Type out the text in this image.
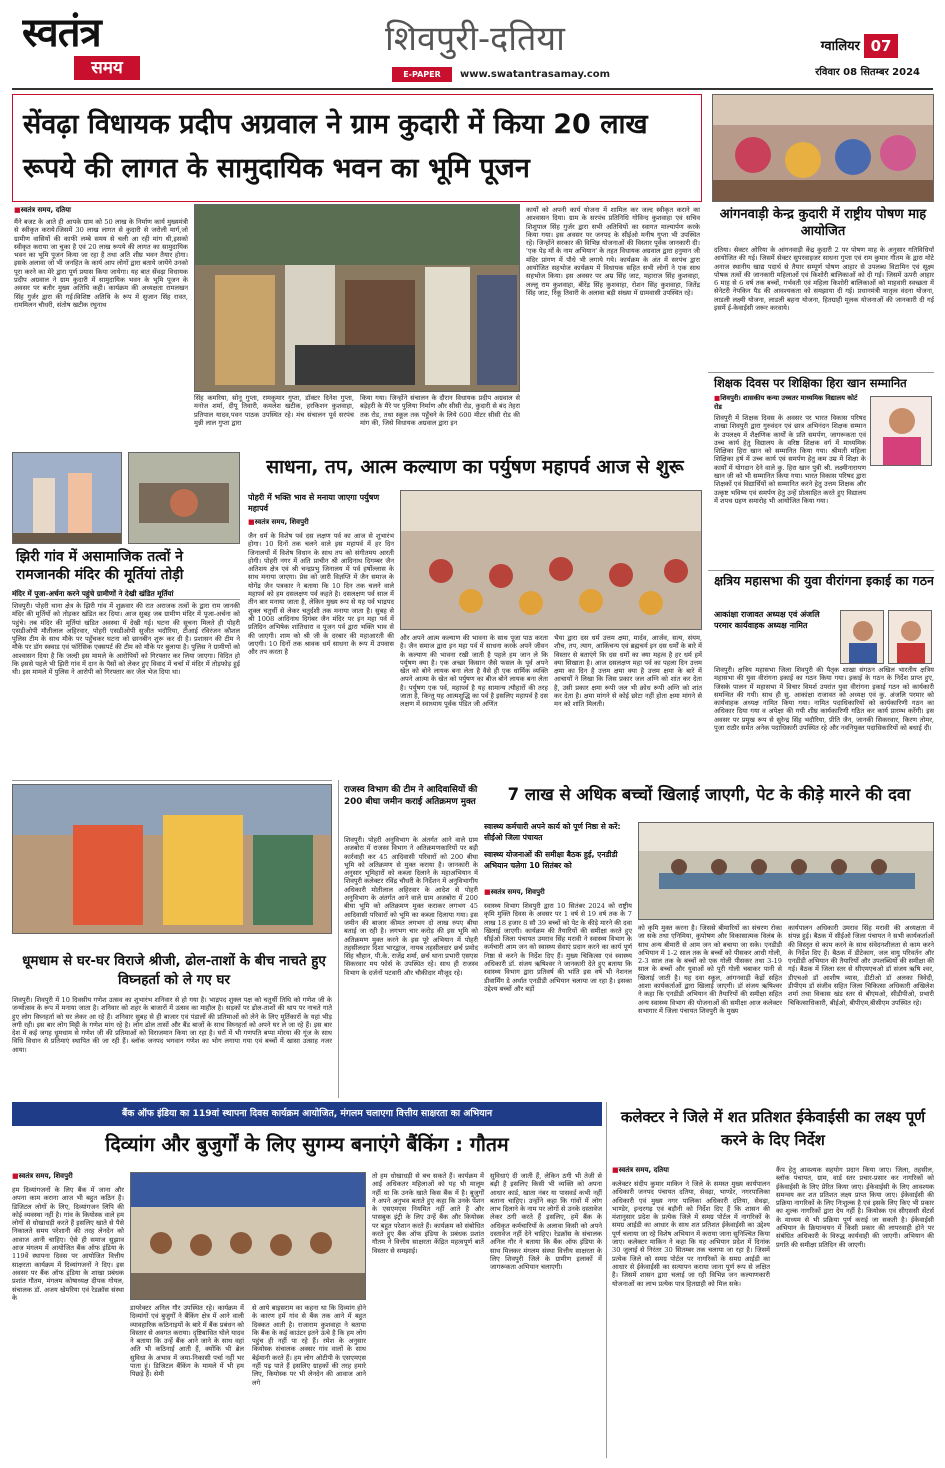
स्वतंत्र
समय
शिवपुरी-दतिया
E-PAPER	www.swatantrasamay.com
ग्वालियर 07
रविवार 08 सितम्बर 2024
सेंवढ़ा विधायक प्रदीप अग्रवाल ने ग्राम कुदारी में किया 20 लाख रूपये की लागत के सामुदायिक भवन का भूमि पूजन
■ स्वतंत्र समय, दतिया
मैंने बजट के आते ही आपके ग्राम को 50 लाख के निर्माण कार्य मुख्यमंत्री से स्वीकृत कराये।जिसमें 30 लाख लागत से कुदारी से जरोली मार्ग,जो ग्रामीण वासियों की काफी लम्बे समय से चली आ रही मांग थी,इसको स्वीकृत कराया जा चुका है एवं 20 लाख रूपये की लागत का सामुदायिक भवन का भूमि पूजन किया जा रहा है तथा अति शीघ्र भवन तैयार होगा। इसके अलावा जो भी जनहित के कार्य आप लोगों द्वारा बताये जायेंगे उनको पूरा करने का मेरे द्वारा पूर्ण प्रयास किया जायेगा। यह बात सेंवढ़ा विधायक प्रदीप अग्रवाल ने ग्राम कुदारी में सामुदायिक भवन के भूमि पूजन के अवसर पर बतौर मुख्य अतिथि कही। कार्यक्रम की अध्यक्षता रामलखन सिंह गुर्जर द्वारा की गई।विशिष्ट अतिथि के रूप में सुजान सिंह रावत, राममिलन चौधरी, संतोष खटीक रघुनाथ
सिंह कमरिया, सोनू गुप्ता, रामकुमार गुप्ता, डॉक्टर दिनेश गुप्ता, मनोज शर्मा, दीपू तिवारी, कमलेश खटीक, हरकिशन कुशवाहा, प्रतिपाल यादव,पवन पाठक उपस्थित रहे। मंच संचालन पूर्व सरपंच मुन्नी लाल गुप्ता द्वारा
किया गया। जिन्होंने संचालन के दौरान विधायक प्रदीप अग्रवाल से बड़ेहरी के मैरे पर पुलिया निर्माण और सीसी रोड, कुदारी से बंद तेहरा तक रोड, तथा स्कूल तक पहुँचने के लिये 600 मीटर सीसी रोड की मांग की, जिसे विधायक अग्रवाल द्वारा इन
कार्यों को अपनी कार्य योजना में शामिल कर जल्द स्वीकृत कराने का आश्वासन दिया। ग्राम के सरपंच प्रतिनिधि गोविन्द कुशवाहा एवं सचिव शिशुपाल सिंह गुर्जर द्वारा सभी अतिथियों का स्वागत माल्यार्पण करके किया गया। इस अवसर पर जनपद के सीईओ मनीष गुप्ता भी उपस्थित रहे। जिन्होंने सरकार की विभिन्न योजनाओं की विस्तार पूर्वक जानकारी दी। 'एक पेड़ माँ के नाम अभियान' के तहत विधायक अग्रवाल द्वारा हनुमान जी मंदिर प्रांगण में पौधे भी लगाये गये। कार्यक्रम के अंत में सरपंच द्वारा आयोजित सहभोज कार्यक्रम में विधायक सहित सभी लोगों ने एक साथ सहभोज किया। इस अवसर पर अम्र सिंह जाट, महाराज सिंह कुशवाहा, लल्लू राम कुशवाहा, बीरेंद्र सिंह कुशवाहा, रोशन सिंह कुशवाहा, जितेंद्र सिंह जाट, रिंकू तिवारी के अलावा बड़ी संख्या में ग्रामवासी उपस्थित रहे।
आंगनवाड़ी केन्द्र कुदारी में राष्ट्रीय पोषण माह आयोजित
दतिया। सेक्टर ओरिया के आंगनवाड़ी केंद्र कुदारी 2 पर पोषण माह के अनुसार गतिविधियाँ आयोजित की गई। जिसमें सेक्टर सुपरवाइजर साधना गुप्ता एवं राम कुमार गौतम के द्वारा मोटे अनाज स्थानीय खाद्य पदार्थ से तैयार सम्पूर्ण पोषण आहार से उपलब्ध विटामिन एवं सूक्ष्म पोषक तत्वों की जानकारी महिलाओं एवं किशोरी बालिकाओं को दी गई। जिसमें ऊपरी आहार 6 माह से 6 वर्ष तक बच्चों, गर्भवती एवं महिला किशोरी बालिकाओं को माहवारी स्वच्छता में सेनेटरी नेपकिन पैड की आवश्यकता को समझाया दी गई। प्रधानमंत्री मातृत्व वंदना योजना, लाडली लक्ष्मी योजना, लाडली बहना योजना, हितग्राही मूलक योजनाओं की जानकारी दी गई इसमें ई-केवाईसी जरूर करवाये।
शिक्षक दिवस पर शिक्षिका हिरा खान सम्मानित
■ शिवपुरी। शासकीय कन्या उच्चतर माध्यमिक विद्यालय कोर्ट रोड
शिवपुरी में शिक्षक दिवस के अवसर पर भारत विकास परिषद शाखा शिवपुरी द्वारा गुरुवंदन एवं छात्र अभिनंदन शिक्षक सम्मान के उपलक्ष्य में शैक्षणिक कार्यों के प्रति समर्पण, जागरूकता एवं उच्च कार्य हेतु विद्यालय के वरिष्ठ शिक्षक वर्ग में माध्यमिक शिक्षिका हिरा खान को सम्मानित किया गया। श्रीमती महिला शिक्षिका हर्ष में उच्च कार्य एवं समर्पण हेतु कम उम्र में शिक्षा के कार्यों में योगदान देने वाले कु. हिरा खान पुत्री श्री. लक्ष्मीनारायण खान जी को भी सम्मानित किया गया। भारत विकास परिषद द्वारा शिक्षकों एवं विद्यार्थियों को सम्मानित करने हेतु उत्तम शिक्षक और उत्कृष्ट भविष्य एवं समर्पण हेतु उन्हें प्रोत्साहित करते हुए विद्यालय में शपथ ग्रहण समारोह भी आयोजित किया गया।
झिरी गांव में असामाजिक तत्वों ने रामजानकी मंदिर की मूर्तियां तोड़ी
मंदिर में पूजा-अर्चना करने पहुंचे ग्रामीणों ने देखी खंडित मूर्तियां
शिवपुरी। पोहरी थाना क्षेत्र के झिरी गांव में शुक्रवार की रात अराजक तत्वों के द्वारा राम जानकी मंदिर की मूर्तियों को तोड़कर खंडित कर दिया। आज सुबह जब ग्रामीण मंदिर में पूजा-अर्चना को पहुंचे। तब मंदिर की मूर्तियां खंडित अवस्था में देखी गई। घटना की सूचना मिलते ही पोहरी एसडीओपी मौतीलाल अहिरवार, पोहरी एसडीओपी सुजीत भदौरिया, टीआई रविरंजन कौशल पुलिस टीम के साथ मौके पर पहुँचकर घटना को छानबीन शुरू कर दी है। प्रशासन की टीम ने मौके पर डॉग स्क्वाड एवं फॉरेंसिक एक्सपर्ट की टीम को मौके पर बुलाया है। पुलिस ने ग्रामीणों को आश्वासन दिया है कि जल्दी इस मामले के आरोपियों को गिरफ्तार कर लिया जाएगा। विदित हो कि इससे पहले भी झिरी गांव में दान के पैसों को लेकर हुए विवाद में चर्चा में मंदिर में तोड़फोड़ हुई थी। इस मामले में पुलिस ने आरोपी को गिरफ्तार कर जेल भेज दिया था।
साधना, तप, आत्म कल्याण का पर्युषण महापर्व आज से शुरू
पोहरी में भक्ति भाव से मनाया जाएगा पर्युषण महापर्व
■ स्वतंत्र समय, शिवपुरी
जैन धर्म के विशेष पर्व दस लक्षण पर्व का आज से शुभारंभ होगा। 10 दिनों तक चलने वाले इस महापर्व में हर दिन जिनालयों में विशेष विधान के साथ तप को संगीतमय आरती होगी। पोहरी नगर में अति प्राचीन श्री आदिनाथ दिगम्बर जैन अतिशय क्षेत्र एवं श्री चन्द्रप्रभु जिनालय में पर्व हर्षोल्लास के साथ मनाया जाएगा। प्रेस को जारी विज्ञप्ति में जैन समाज के योगेंद्र जैन पत्रकार ने बताया कि 10 दिन तक चलने वाले महापर्व को हम दसलक्षण पर्व कहते है। दसलक्षण पर्व साल में तीन बार मनाया जाता है, लेकिन मुख्य रूप से यह पर्व भाद्रपद शुक्ल चतुर्थी से लेकर चतुर्दशी तक मनाया जाता है। सुबह से श्री 1008 आदिनाथ दिगंबर जैन मंदिर पर इन महा पर्व में प्रतिदिन अभिषेक शांतिधारा व पूजन पर्व द्वारा भक्ति भाव से की जाएगी। शाम को श्री जी के दरबार की महाआरती की जाएगी। 10 दिनों तक श्रावक धर्म साधना के रूप में उपवास और तप करता है
और अपने आत्म कल्याण की भावना के साथ पूजा पाठ करता है। जैन समाज द्वारा इन महा पर्व में साधना करके अपने जीवन के कल्याण की भावना रखी जाती है पहले हम जान ले कि पर्युषण क्या है। एक अच्छा किसान जैसे फसल के पूर्व अपने खेत को बोने लायक बना लेता है वैसे ही एक धार्मिक व्यक्ति अपने आत्मा के खेत को पर्युषण का बीज बोने लायक बना लेता है। पर्युषण एक पर्व, महापर्व है यह सामान्य त्यौहारों की तरह जाता है, किन्तु यह आत्मशुद्धि का पर्व है इसलिए महापर्व है दस लक्षण में स्वाध्याय पूर्वक पंडित जी अणिंत
भैया द्वारा दस धर्म उत्तम क्षमा, मार्दव, आर्जव, सत्य, संयम, शौच, तप, त्याग, आकिंचन्य एवं ब्रह्मचर्य इन दस धर्मों के बारे में विस्तार से बताएंगे कि दस धर्मों का क्या महत्व है हर धर्म हमें क्या सिखाता है। आज दसलक्षण महा पर्व का पहला दिन उत्तम क्षमा का दिन है उत्तम क्षमा क्या है उत्तम क्षमा के बारे में आचार्यों ने लिखा कि जिस प्रकार जल अग्नि को शांत कर देता है, उसी प्रकार क्षमा रूपी जल भी क्रोध रूपी अग्नि को शांत कर देता है। क्षमा मांगने से कोई छोटा नहीं होता क्षमा मांगने से मन को शांति मिलती।
क्षत्रिय महासभा की युवा वीरांगना इकाई का गठन
आकांक्षा राजावत अध्यक्ष एवं अंजलि परमार कार्यवाहक अध्यक्ष नामित
शिवपुरी। क्षत्रिय महासभा जिला शिवपुरी की पैतृक शाखा संगठन अखिल भारतीय क्षत्रिय महासभा की युवा वीरांगना इकाई का गठन किया गया। इकाई के गठन के निर्देश प्राप्त हुए, जिसके पालन में महासभा में विचार विमर्श उपरांत युवा वीरांगना इकाई गठन को कार्यकारी समन्वित की गयी। साथ ही सु. आकांक्षा राजावत को अध्यक्ष एवं कु. अंजलि परमार को कार्यवाहक अध्यक्ष नामित किया गया। नामित पदाधिकारियों को कार्यकारिणी गठन का अधिकार दिया गया व अपेक्षा की गयी शीघ्र कार्यकारिणी गठित कर कार्य प्रारम्भ करेंगी। इस अवसर पर प्रमुख रूप से सुरेन्द्र सिंह भदौरिया, प्रीति जैन, जानकी सिकरवार, किरण तोमर, पूजा राठौर समेत अनेक पदाधिकारी उपस्थित रहे और नवनियुक्त पदाधिकारियों को बधाई दी।
धूमधाम से घर-घर विराजे श्रीजी, ढोल-ताशों के बीच नाचते हुए विघ्नहर्ता को ले गए घर
शिवपुरी। शिवपुरी में 10 दिवसीय गणेश उत्सव का शुभारंभ शनिवार से हो गया है। भाद्रपद शुक्ल पक्ष को चतुर्थी तिथि को गणेश जी के जन्मोत्सव के रूप में मनाया जाता है। शनिवार को शहर के बाजारों में उत्सव का माहौल है। सड़कों पर ढोल-ताशों की थाप पर नाचते गाते हुए लोग विघ्नहर्ता को घर लेकर आ रहे हैं। शनिवार सुबह से ही बाजार एवं पंडालों की प्रतिमाओं को लेने के लिए मूर्तिकारों के यहां भीड़ लगी रही। इस बार लोग मिट्टी के गणेश मांग रहे है। लोग ढोल तासों और बैंड बाजों के साथ विघ्नहर्ता को अपने घर ले जा रहे हैं। इस बार देश में कई जगह धूमधाम से गणेश जी की प्रतिमाओं को विराजमान किया जा रहा है। घरों में भी गणपति बप्पा मोरया की गूंज के साथ विधि विधान से प्रतिमाएं स्थापित की जा रही हैं। ब्लॉक जनपद भगवान गणेश का भोग लगाया गया एवं बच्चों में खासा उत्साह नजर आया।
राजस्व विभाग की टीम ने आदिवासियों की 200 बीघा जमीन कराई अतिक्रमण मुक्त
शिवपुरी। पोहरी अनुविभाग के अंतर्गत आने वाले ग्राम अजबोरा में राजस्व विभाग ने अतिक्रमणकारियों पर बड़ी कार्रवाही कर 45 आदिवासी परिवारों को 200 बीघा भूमि को अतिक्रमण से मुक्त कराया है। जानकारी के अनुसार भूमिहारों को कब्जा दिलाने के महाअभियान में शिवपुरी कलेक्टर रविंद्र चौधरी के निर्देशन में अनुविभागीय अधिकारी मोतीलाल अहिरवार के आदेश से पोहरी अनुविभाग के अंतर्गत आने वाले ग्राम अजबोरा में 200 बीघा भूमि को अतिक्रमण मुक्त कराकर लगभग 45 आदिवासी परिवारों को भूमि का कब्जा दिलाया गया। इस जमीन की बाजार कीमत लगभग दो लाख रुपए बीघा बताई जा रही है। लगभग चार करोड़ की इस भूमि को अतिक्रमण मुक्त करने के इस पूरे अभियान में पोहरी तहसीलदार दिशा भारद्वाज, नायब तहसीलदार छर्च प्रमोद सिंह चौहान, पी.के. राजेंद्र शर्मा, छर्च थाना प्रभारी एसएस सिकरवार मय फोर्स के उपस्थित रहे। साथ ही राजस्व विभाग के दर्जनों पटवारी और चौकीदार मौजूद रहे।
7 लाख से अधिक बच्चों खिलाई जाएगी, पेट के कीड़े मारने की दवा
स्वास्थ्य कर्मचारी अपने कार्य को पूर्ण निष्ठा से करें: सीईओ जिला पंचायत
स्वास्थ्य योजनाओं की समीक्षा बैठक हुई, एनडीडी अभियान चलेगा 10 सितंबर को
■ स्वतंत्र समय, शिवपुरी
स्वास्थ्य विभाग शिवपुरी द्वारा 10 सितंबर 2024 को राष्ट्रीय कृमि मुक्ति दिवस के अवसर पर 1 वर्ष से 19 वर्ष तक के 7 लाख 18 हजार 8 सौ 39 बच्चों को पेट के कीड़े मारने की दवा खिलाई जाएगी। कार्यक्रम की तैयारियों की समीक्षा करते हुए सीईओ जिला पंचायत उमराव सिंह मरावी ने स्वास्थ्य विभाग के कर्मचारी आम जन को स्वास्थ्य सेवाएं प्रदान करने का कार्य पूर्ण निष्ठा से करने के निर्देश दिए हैं। मुख्य चिकित्सा एवं स्वास्थ्य अधिकारी डॉ. संजय ऋषिश्वर ने जानकारी देते हुए बताया कि स्वास्थ्य विभाग द्वारा प्रतिवर्ष की भांति इस वर्ष भी नेशनल डीवार्मिंग डे अर्थात एनडीडी अभियान चलाया जा रहा है। इसका उद्देश्य बच्चों और बड़ों
को कृमि मुक्त करना है। जिससे बीमारियों का संचरण रोका जा सके तथा एनिमिया, कुपोषण और विकासात्मक विलंब के साथ अन्य बीमारी से आम जन को बचाया जा सके। एनडीडी अभियान में 1-2 साल तक के बच्चों को पीसकर आधी गोली, 2-3 साल तक के बच्चों को एक गोली पीसकर तथा 3-19 साल के बच्चों और युवाओं को पूरी गोली चबाकर पानी से खिलाई जाती है। यह दवा स्कूल, आंगनवाड़ी केंद्रों सहित आशा कार्यकर्ताओं द्वारा खिलाई जाएगी। डॉ संजय ऋषिश्वर ने कहा कि एनडीडी अभियान की तैयारियों की समीक्षा सहित अन्य स्वास्थ्य विभाग की योजनाओं की समीक्षा आज कलेक्टर सभागार में जिला पंचायत शिवपुरी के मुख्य
कार्यपालन अधिकारी उमराव सिंह मरावी की अध्यक्षता में संपन्न हुई। बैठक में सीईओ जिला पंचायत ने सभी कार्यकर्ताओं की विस्तृत से काम करने के साथ संवेदनशीलता से काम करने के निर्देश दिए हैं। बैठक में डीटेकाग, जल वायु परिवर्तन और एनडीडी अभियान की तैयारियों और उपलब्धियों की समीक्षा की गई। बैठक में जिला स्तर से सीएमएचओ डॉ संजय ऋषि श्वर, डीएचओ डॉ आशीष व्यास, डीटीओ डॉ अलका त्रिवेदी, डीपीएम डॉ संजीव सहित जिला चिकित्सा अधिकारी अखिलेश शर्मा तथा विकास खंड स्तर से बीएमओ, सीडीपीओ, प्रभारी चिकित्साधिकारी, बीईओ, बीपीएम,बीसीएम उपस्थित रहे।
बैंक ऑफ इंडिया का 119वां स्थापना दिवस कार्यक्रम आयोजित, मंगलम चलाएगा वित्तीय साक्षरता का अभियान
दिव्यांग और बुजुर्गों के लिए सुगम्य बनाएंगे बैंकिंग : गौतम
■ स्वतंत्र समय, शिवपुरी
हम दिव्यांगजनों के लिए बैंक में जाना और अपना काम कराना आज भी बहुत कठिन है। डिजिटल लोगों के लिए, दिव्यांगजन लिपि की कोई व्यवस्था नहीं है। गांव के कियोस्क वाले हम लोगों से धोखाधड़ी करते हैं इसलिए खाते से पैसे निकालते समय परेशानी की तरह लेनदेन को आवाज आनी चाहिए। ऐसे ही समाज सुझाव आज मंगलम में आयोजित बैंक ऑफ इंडिया के 119वें स्थापना दिवस पर आयोजित वित्तीय साक्षरता कार्यक्रम में दिव्यांगजनों ने दिए। इस अवसर पर बैंक ऑफ इंडिया के शाखा प्रबंधक प्रशांत गौतम, मंगलम कोषाध्यक्ष दीपक गोयल, संचालक डॉ. अजय खेमरिया एवं रेडक्रॉस संस्था के
डायरेक्टर अनिल गौर उपस्थित रहे। कार्यक्रम में दिव्यांगों एवं बुजुर्गों ने बैंकिंग क्षेत्र में आने वाली व्यावहारिक कठिनाइयों के बारे में बैंक प्रबंधन को विस्तार से अवगत कराया। दृष्टिबाधित घोले यादव ने बताया कि उन्हें बैंक आने जाने के साथ वहां अति भी कठिनाई आती हैं, क्योंकि भी ब्रेल सुविधा के अभाव में जमा-निकासी पर्चा नहीं भर पाता हूं। डिजिटल बैंकिंग के मामले में भी हम पिछड़े हैं। सेमी
से आये बाइसराम का कहना था कि दिव्यांग होने के कारण हमें गांव से बैंक तक आने में बहुत दिक्कत आती है। राजाराम कुशवाहा ने बताया कि बैंक के कई काउंटर इतने ऊंचे है कि हम लोग पहुंच ही नहीं पा रहे हैं। रमेश के अनुसार कियोस्क संचालक अक्सर गांव वालों के साथ बेईमानी करते हैं। हम लोग ओटीपी के एसएमएस नहीं पढ़ पाते हैं इसलिए ग्राहकों की तरह हमारे लिए, कियोस्क पर भी लेनदेन की आवाज आने लगे
तो हम धोखाधड़ी से बच सकते हैं। कार्यक्रम में आईं अधिकतर महिलाओं को यह भी मालूम नहीं था कि उनके खाते किस बैंक में है। बुजुर्गों ने अपने अनुभव बताते हुए कहा कि उनके पेंशन के एसएमएस नियमित नहीं आते है और पासबुक इंट्री के लिए उन्हें बैंक और कियोस्क पर बहुत परेशान करते हैं। कार्यक्रम को संबोधित करते हुए बैंक ऑफ इंडिया के प्रबंधक प्रशांत गौतम ने वित्तीय साक्षरता केंद्रित महत्वपूर्ण बातें विस्तार से समझाई।
सुविधाएं दी जाती हैं, लेकिन ठगी भी तेजी से बढ़ी है इसलिए किसी भी व्यक्ति को अपना आधार कार्ड, खाता नंबर या पासवर्ड कभी नहीं बताना चाहिए। उन्होंने कहा कि गांवों में लोग लाभ दिलाने के नाम पर लोगों से उनके दस्तावेज लेकर ठगी करते हैं इसलिए, हमें बैंक के अधिकृत कर्मचारियों के अलावा किसी को अपने दस्तावेज नहीं देने चाहिए। रेडक्रॉस के संचालक अनिल गौर ने बताया कि बैंक ऑफ इंडिया के साथ मिलकर मंगलम संस्था वित्तीय साक्षरता के लिए शिवपुरी जिले के ग्रामीण इलाकों में जागरूकता अभियान चलाएगी।
कलेक्टर ने जिले में शत प्रतिशत ईकेवाईसी का लक्ष्य पूर्ण करने के दिए निर्देश
■ स्वतंत्र समय, दतिया
कलेक्टर संदीप कुमार माकिन ने जिले के समस्त मुख्य कार्यपालन अधिकारी जनपद पंचायत दतिया, सेवढ़ा, भाण्डेर, नगरपालिका अधिकारी एवं मुख्य नगर पालिका अधिकारी दतिया, सेवढ़ा, भाण्डेर, इन्दरगढ़ एवं बड़ौनी को निर्देश दिए हैं कि शासन की मंशानुसार प्रदेश के प्रत्येक जिले में समग्र पोर्टल में नागरिकों के समग्र आईडी का आधार के साथ शत प्रतिशत ईकेवाईसी का उद्देश्य पूर्ण चलाया जा रहे विशेष अभियान में कराया जाना सुनिश्चित किया जाए। कलेक्टर माकिन ने कहा कि यह अभियान प्रदेश में दिनांक 30 जुलाई से निरंतर 30 सितम्बर तक चलाया जा रहा है। जिसमें प्रत्येक जिले को समग्र पोर्टल पर नागरिकों के समग्र आईडी का आधार से ईकेवाईसी का सत्यापन कराया जाना पूर्ण रूप से लक्षित है। जिसमें शासन द्वारा चलाई जा रही विभिन्न जन कल्याणकारी योजनाओं का लाभ प्रत्येक पात्र हितग्राही को मिल सके।
कैंप हेतु आवश्यक सहयोग प्रदान किया जाए। जिला, तहसील, ब्लॉक पंचायत, ग्राम, वार्ड स्तर प्रचार-प्रसार कर नागरिकों को ईकेवाईसी के लिए प्रेरित किया जाए। ईकेवाईसी के लिए आवश्यक समन्वय कर शत प्रतिशत लक्ष्य प्राप्त किया जाए। ईकेवाईसी की प्रक्रिया नागरिकों के लिए निःशुल्क है एवं इसके लिए किए भी प्रकार का शुल्क नागरिकों द्वारा देय नहीं है। कियोस्क एवं सीएससी सेंटर्स के माध्यम से भी प्रक्रिया पूर्ण कराई जा सकती है। ईकेवाईसी अभियान के क्रियान्वयन में किसी प्रकार की लापरवाही होने पर संबंधित अधिकारी के विरुद्ध कार्यवाही की जाएगी। अभियान की प्रगति की समीक्षा प्रतिदिन की जाएगी।
